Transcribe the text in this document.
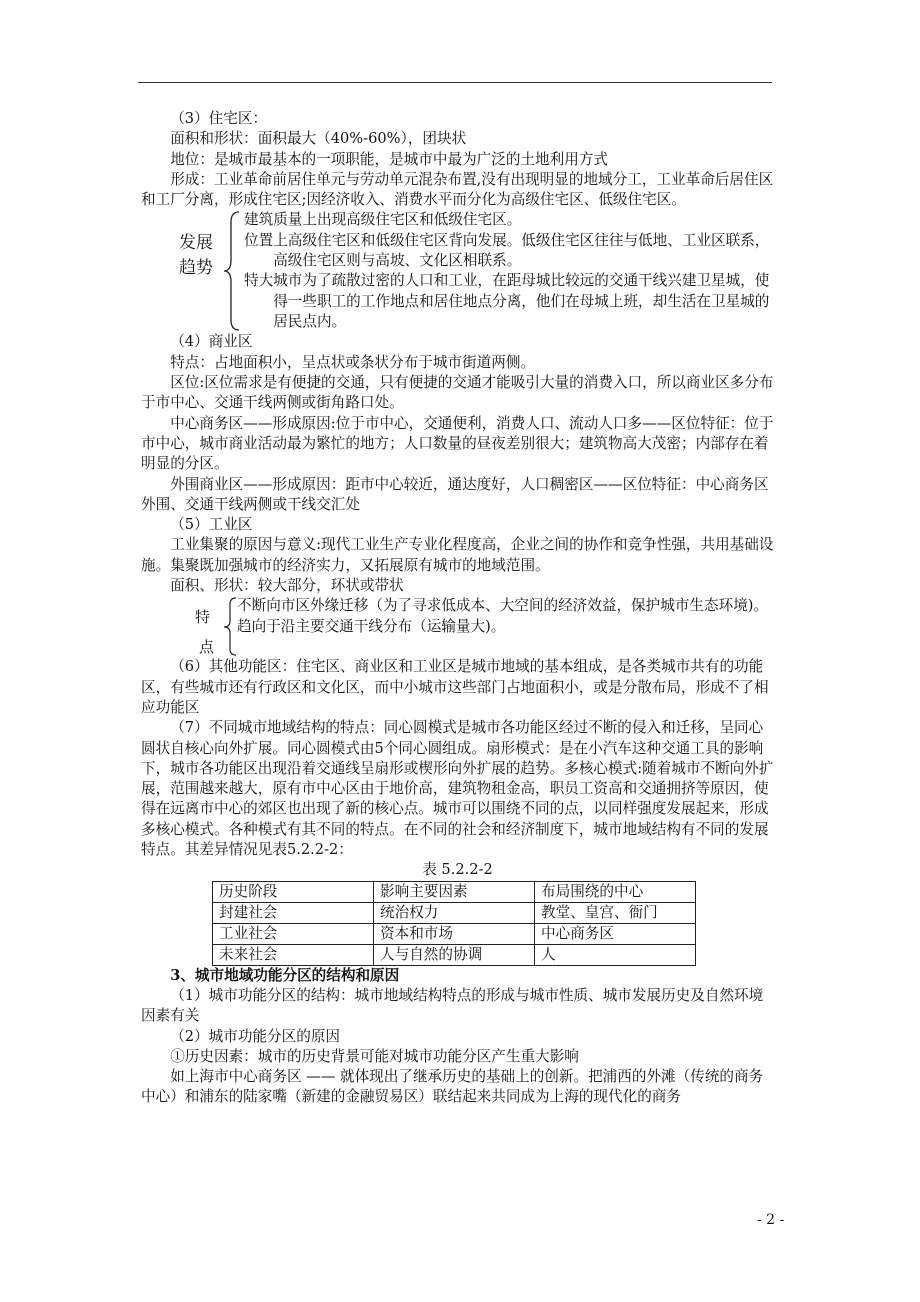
（3）住宅区：

面积和形状：面积最大（40%-60%），团块状

地位：是城市最基本的一项职能，是城市中最为广泛的土地利用方式

形成：工业革命前居住单元与劳动单元混杂布置,没有出现明显的地域分工，工业革命后居住区和工厂分离，形成住宅区;因经济收入、消费水平而分化为高级住宅区、低级住宅区。

发展趋势

建筑质量上出现高级住宅区和低级住宅区。

位置上高级住宅区和低级住宅区背向发展。低级住宅区往往与低地、工业区联系，高级住宅区则与高坡、文化区相联系。

特大城市为了疏散过密的人口和工业，在距母城比较远的交通干线兴建卫星城，使得一些职工的工作地点和居住地点分离，他们在母城上班，却生活在卫星城的居民点内。

（4）商业区

特点：占地面积小，呈点状或条状分布于城市街道两侧。

区位:区位需求是有便捷的交通，只有便捷的交通才能吸引大量的消费入口，所以商业区多分布于市中心、交通干线两侧或街角路口处。

中心商务区——形成原因:位于市中心，交通便利，消费人口、流动人口多——区位特征：位于市中心，城市商业活动最为繁忙的地方；人口数量的昼夜差别很大；建筑物高大茂密；内部存在着明显的分区。

外围商业区——形成原因：距市中心较近，通达度好，人口稠密区——区位特征：中心商务区外围、交通干线两侧或干线交汇处

（5）工业区

工业集聚的原因与意义:现代工业生产专业化程度高，企业之间的协作和竞争性强，共用基础设施。集聚既加强城市的经济实力，又拓展原有城市的地域范围。

面积、形状：较大部分，环状或带状

特
点

不断向市区外缘迁移（为了寻求低成本、大空间的经济效益，保护城市生态环境)。

趋向于沿主要交通干线分布（运输量大)。

（6）其他功能区：住宅区、商业区和工业区是城市地域的基本组成，是各类城市共有的功能区，有些城市还有行政区和文化区，而中小城市这些部门占地面积小，或是分散布局，形成不了相应功能区

（7）不同城市地域结构的特点：同心圆模式是城市各功能区经过不断的侵入和迁移，呈同心圆状自核心向外扩展。同心圆模式由5个同心圆组成。扇形模式：是在小汽车这种交通工具的影响下，城市各功能区出现沿着交通线呈扇形或楔形向外扩展的趋势。多核心模式:随着城市不断向外扩展，范围越来越大，原有市中心区由于地价高，建筑物租金高，职员工资高和交通拥挤等原因，使得在远离市中心的郊区也出现了新的核心点。城市可以围绕不同的点，以同样强度发展起来，形成多核心模式。各种模式有其不同的特点。在不同的社会和经济制度下，城市地域结构有不同的发展特点。其差异情况见表5.2.2-2：

表 5.2.2-2

历史阶段	影响主要因素	布局围绕的中心
封建社会	统治权力	教堂、皇宫、衙门
工业社会	资本和市场	中心商务区
未来社会	人与自然的协调	人

3、城市地域功能分区的结构和原因

（1）城市功能分区的结构：城市地域结构特点的形成与城市性质、城市发展历史及自然环境因素有关

（2）城市功能分区的原因

①历史因素：城市的历史背景可能对城市功能分区产生重大影响

如上海市中心商务区 —— 就体现出了继承历史的基础上的创新。把浦西的外滩（传统的商务中心）和浦东的陆家嘴（新建的金融贸易区）联结起来共同成为上海的现代化的商务

- 2 -
